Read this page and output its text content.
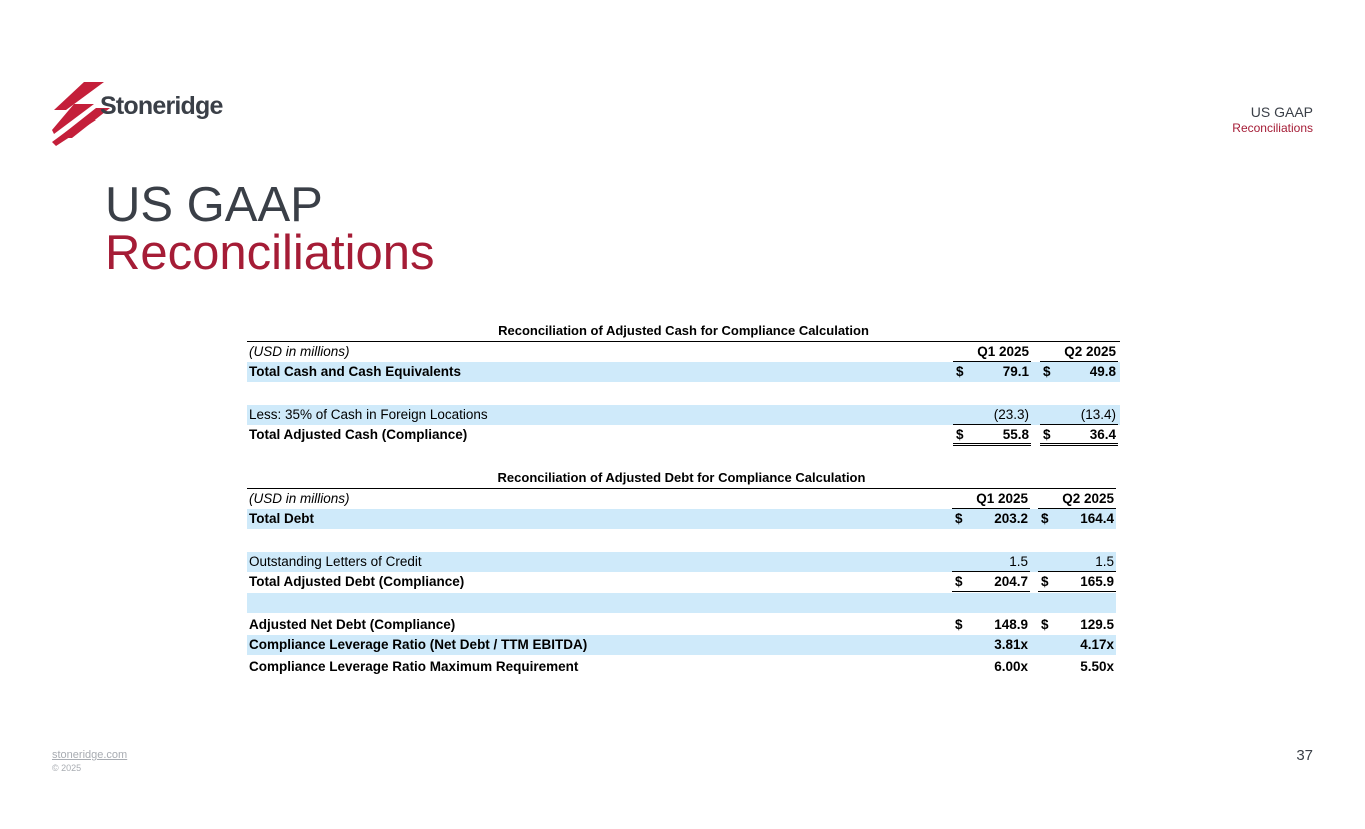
Stoneridge	US GAAP
Reconciliations
US GAAP
Reconciliations
Reconciliation of Adjusted Cash for Compliance Calculation
(USD in millions)	Q1 2025	Q2 2025
Total Cash and Cash Equivalents	$	79.1 $	49.8
Less: 35% of Cash in Foreign Locations	(23.3)	(13.4)
Total Adjusted Cash (Compliance)	$	55.8 $	36.4
Reconciliation of Adjusted Debt for Compliance Calculation
(USD in millions)	Q1 2025	Q2 2025
Total Debt	$ 203.2 $ 164.4
Outstanding Letters of Credit	1.5	1.5
Total Adjusted Debt (Compliance)	$ 204.7 $ 165.9
Adjusted Net Debt (Compliance)	$ 148.9 $ 129.5
Compliance Leverage Ratio (Net Debt / TTM EBITDA)	3.81x	4.17x
Compliance Leverage Ratio Maximum Requirement	6.00x	5.50x
stoneridge.com
© 2025
37
